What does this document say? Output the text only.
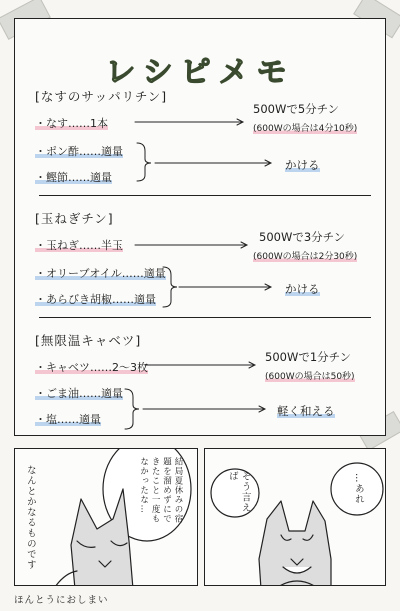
レシピメモ
[なすのサッパリチン]
・なす……1本
・ポン酢……適量
・鰹節……適量
500Wで5分チン
(600Wの場合は4分10秒)
かける
[玉ねぎチン]
・玉ねぎ……半玉
・オリーブオイル……適量
・あらびき胡椒……適量
500Wで3分チン
(600Wの場合は2分30秒)
かける
[無限温キャベツ]
・キャベツ……2～3枚
・ごま油……適量
・塩……適量
500Wで1分チン
(600Wの場合は50秒)
軽く和える
なんとかなるものです	結局夏休みの宿題を溜めずにできたこと一度もなかったな…	そう言えば	…あれ
ほんとうにおしまい
